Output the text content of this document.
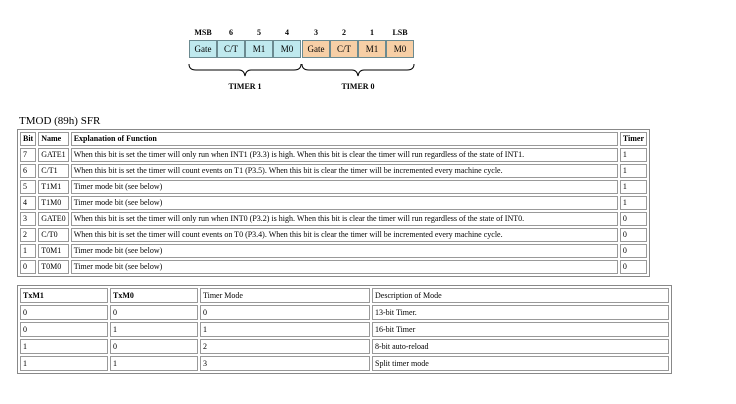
MSB	6	5	4	3	2	1	LSB
Gate	C/T	M1	M0	Gate	C/T	M1	M0
TIMER 1	TIMER 0
TMOD (89h) SFR
Bit	Name	Explanation of Function	Timer
7	GATE1	When this bit is set the timer will only run when INT1 (P3.3) is high. When this bit is clear the timer will run regardless of the state of INT1.	1
6	C/T1	When this bit is set the timer will count events on T1 (P3.5). When this bit is clear the timer will be incremented every machine cycle.	1
5	T1M1	Timer mode bit (see below)	1
4	T1M0	Timer mode bit (see below)	1
3	GATE0	When this bit is set the timer will only run when INT0 (P3.2) is high. When this bit is clear the timer will run regardless of the state of INT0.	0
2	C/T0	When this bit is set the timer will count events on T0 (P3.4). When this bit is clear the timer will be incremented every machine cycle.	0
1	T0M1	Timer mode bit (see below)	0
0	T0M0	Timer mode bit (see below)	0
TxM1	TxM0	Timer Mode	Description of Mode
0	0	0	13-bit Timer.
0	1	1	16-bit Timer
1	0	2	8-bit auto-reload
1	1	3	Split timer mode
